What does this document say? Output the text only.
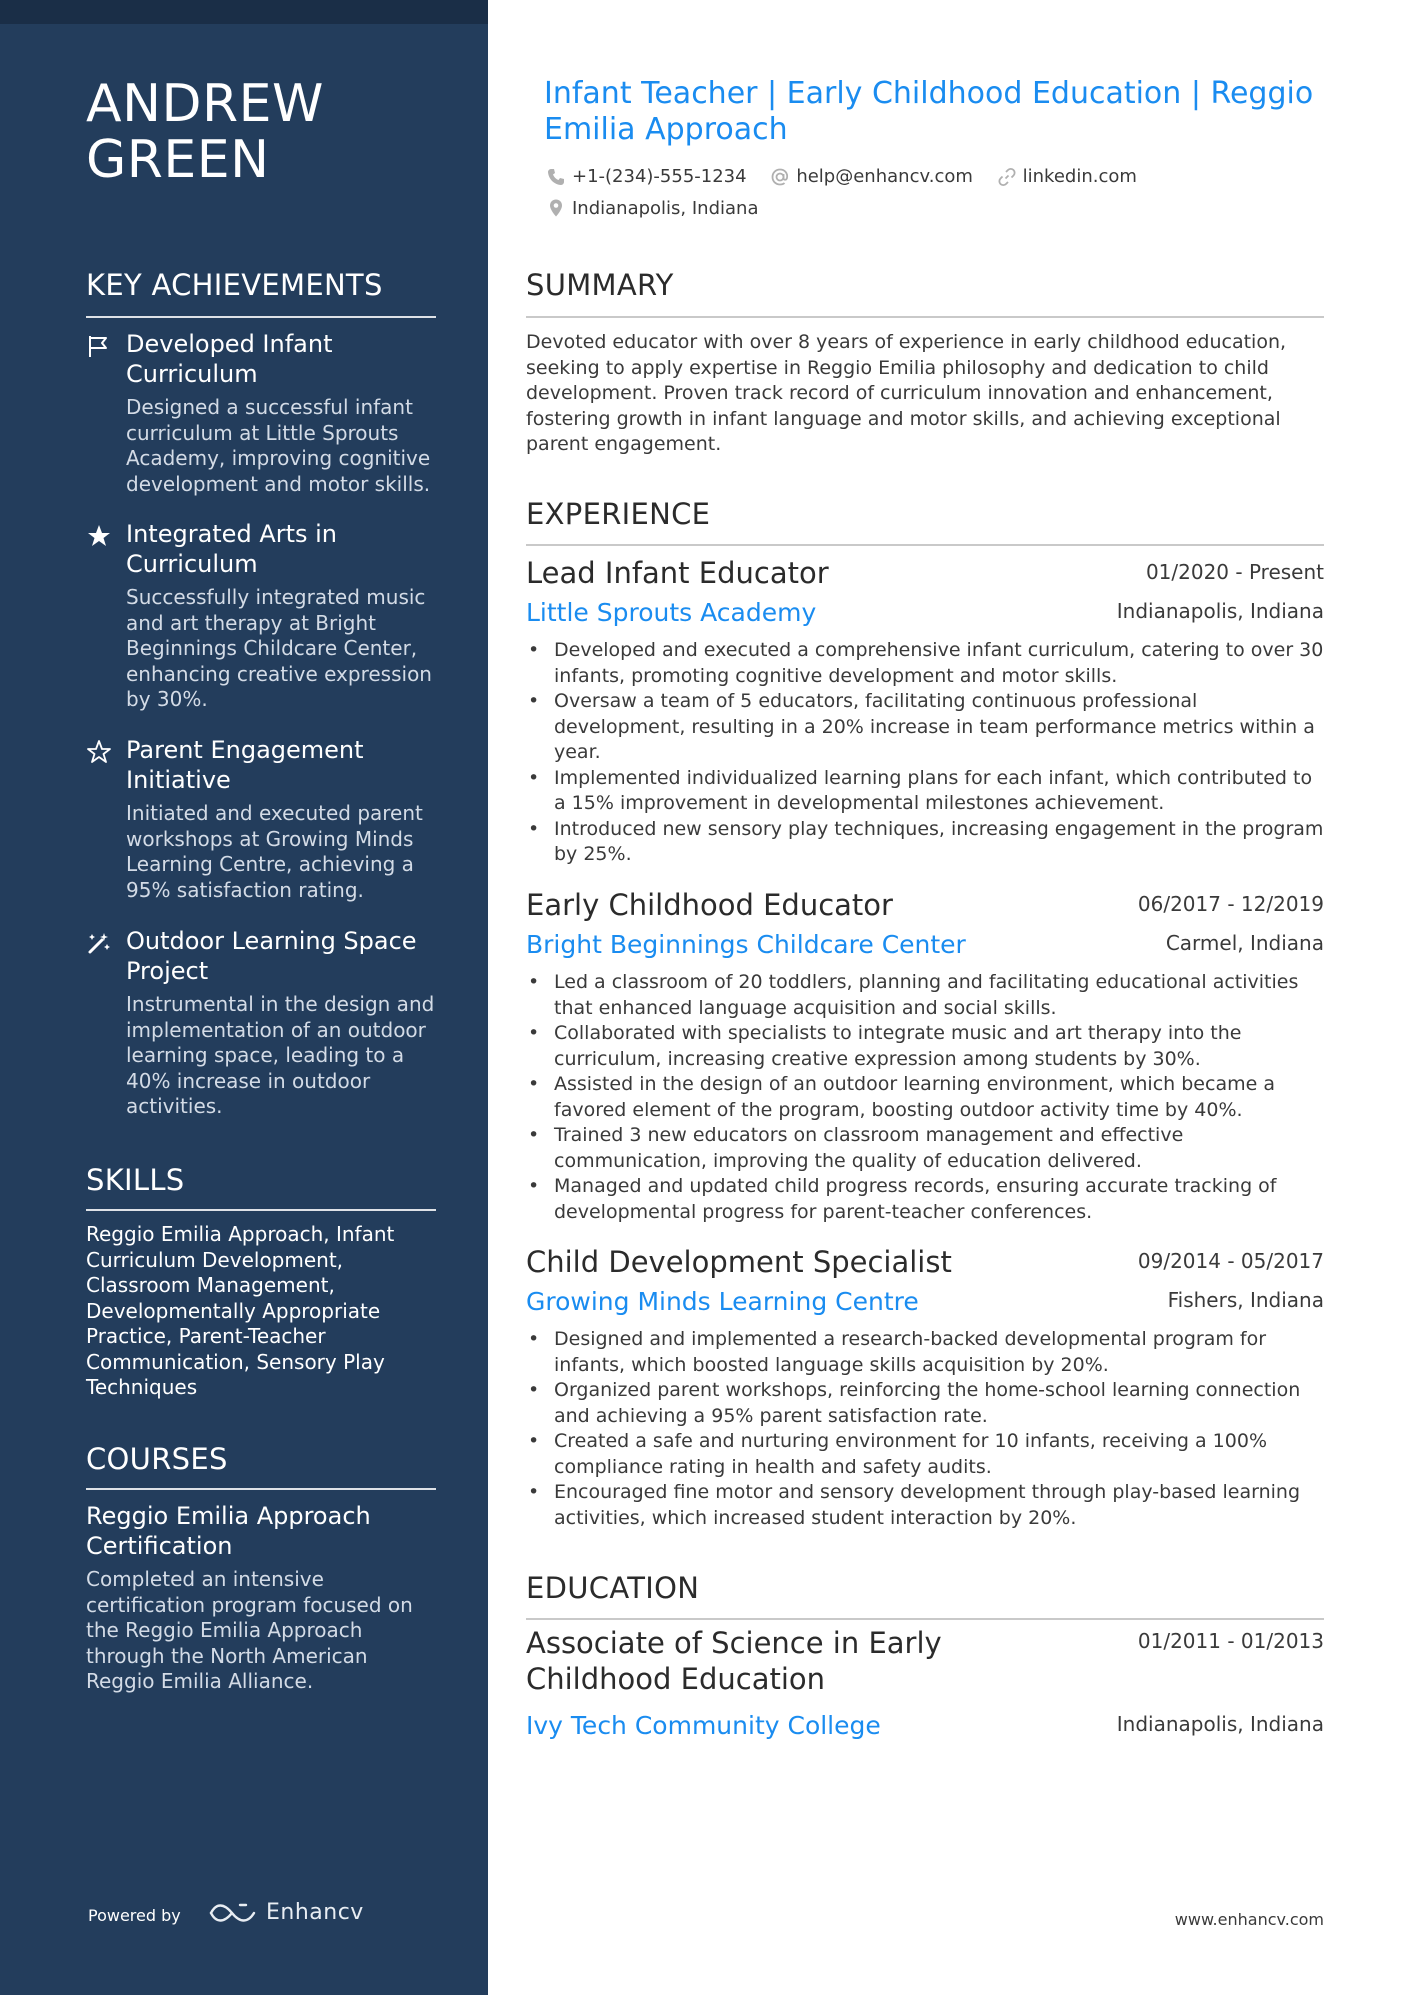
ANDREW
GREEN
KEY ACHIEVEMENTS
Developed Infant Curriculum
Designed a successful infant curriculum at Little Sprouts Academy, improving cognitive development and motor skills.
Integrated Arts in Curriculum
Successfully integrated music and art therapy at Bright Beginnings Childcare Center, enhancing creative expression by 30%.
Parent Engagement Initiative
Initiated and executed parent workshops at Growing Minds Learning Centre, achieving a 95% satisfaction rating.
Outdoor Learning Space Project
Instrumental in the design and implementation of an outdoor learning space, leading to a 40% increase in outdoor activities.
SKILLS
Reggio Emilia Approach, Infant Curriculum Development, Classroom Management, Developmentally Appropriate Practice, Parent-Teacher Communication, Sensory Play Techniques
COURSES
Reggio Emilia Approach Certification
Completed an intensive certification program focused on the Reggio Emilia Approach through the North American Reggio Emilia Alliance.
Powered by	Enhancv
Infant Teacher | Early Childhood Education | Reggio Emilia Approach
+1-(234)-555-1234
	help@enhancv.com
	linkedin.com

Indianapolis, Indiana
SUMMARY
Devoted educator with over 8 years of experience in early childhood education, seeking to apply expertise in Reggio Emilia philosophy and dedication to child development. Proven track record of curriculum innovation and enhancement, fostering growth in infant language and motor skills, and achieving exceptional parent engagement.
EXPERIENCE
Lead Infant Educator	01/2020 - Present
Little Sprouts Academy	Indianapolis, Indiana
• Developed and executed a comprehensive infant curriculum, catering to over 30 infants, promoting cognitive development and motor skills.
• Oversaw a team of 5 educators, facilitating continuous professional development, resulting in a 20% increase in team performance metrics within a year.
• Implemented individualized learning plans for each infant, which contributed to a 15% improvement in developmental milestones achievement.
• Introduced new sensory play techniques, increasing engagement in the program by 25%.
Early Childhood Educator	06/2017 - 12/2019
Bright Beginnings Childcare Center	Carmel, Indiana
• Led a classroom of 20 toddlers, planning and facilitating educational activities that enhanced language acquisition and social skills.
• Collaborated with specialists to integrate music and art therapy into the curriculum, increasing creative expression among students by 30%.
• Assisted in the design of an outdoor learning environment, which became a favored element of the program, boosting outdoor activity time by 40%.
• Trained 3 new educators on classroom management and effective communication, improving the quality of education delivered.
• Managed and updated child progress records, ensuring accurate tracking of developmental progress for parent-teacher conferences.
Child Development Specialist	09/2014 - 05/2017
Growing Minds Learning Centre	Fishers, Indiana
• Designed and implemented a research-backed developmental program for infants, which boosted language skills acquisition by 20%.
• Organized parent workshops, reinforcing the home-school learning connection and achieving a 95% parent satisfaction rate.
• Created a safe and nurturing environment for 10 infants, receiving a 100% compliance rating in health and safety audits.
• Encouraged fine motor and sensory development through play-based learning activities, which increased student interaction by 20%.
EDUCATION
Associate of Science in Early Childhood Education
01/2011 - 01/2013
Ivy Tech Community College	Indianapolis, Indiana
www.enhancv.com
